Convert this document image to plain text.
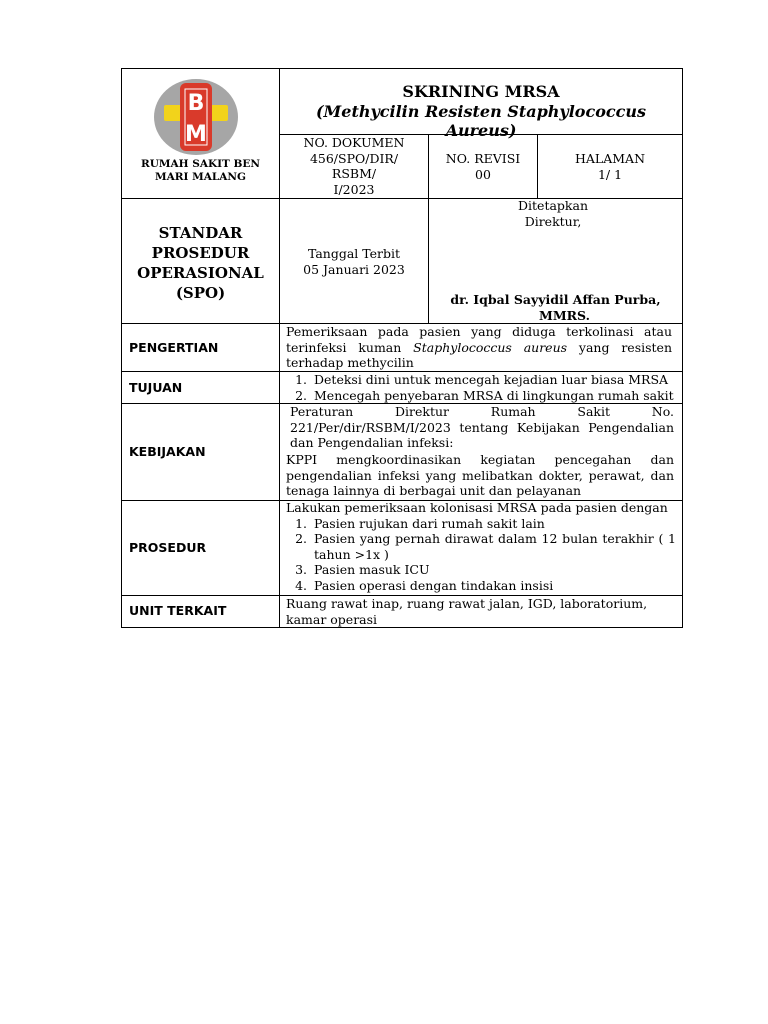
B
M
RUMAH SAKIT BEN MARI MALANG
SKRINING MRSA
(Methycilin Resisten Staphylococcus Aureus)
NO. DOKUMEN
456/SPO/DIR/
RSBM/
I/2023
NO. REVISI
00
HALAMAN
1/ 1
STANDAR
PROSEDUR
OPERASIONAL
(SPO)
Tanggal Terbit
05 Januari 2023
Ditetapkan
Direktur,
dr. Iqbal Sayyidil Affan Purba,
MMRS.
PENGERTIAN
Pemeriksaan pada pasien yang diduga terkolinasi atau terinfeksi kuman Staphylococcus aureus yang resisten terhadap methycilin
TUJUAN
1. Deteksi dini untuk mencegah kejadian luar biasa MRSA
2. Mencegah penyebaran MRSA di lingkungan rumah sakit
KEBIJAKAN
Peraturan Direktur Rumah Sakit No. 221/Per/dir/RSBM/I/2023 tentang Kebijakan Pengendalian dan Pengendalian infeksi:
KPPI mengkoordinasikan kegiatan pencegahan dan pengendalian infeksi yang melibatkan dokter, perawat, dan tenaga lainnya di berbagai unit dan pelayanan
PROSEDUR
Lakukan pemeriksaan kolonisasi MRSA pada pasien dengan
1. Pasien rujukan dari rumah sakit lain
2. Pasien yang pernah dirawat dalam 12 bulan terakhir ( 1 tahun >1x )
3. Pasien masuk ICU
4. Pasien operasi dengan tindakan insisi
UNIT TERKAIT	Ruang rawat inap, ruang rawat jalan, IGD, laboratorium, kamar operasi
